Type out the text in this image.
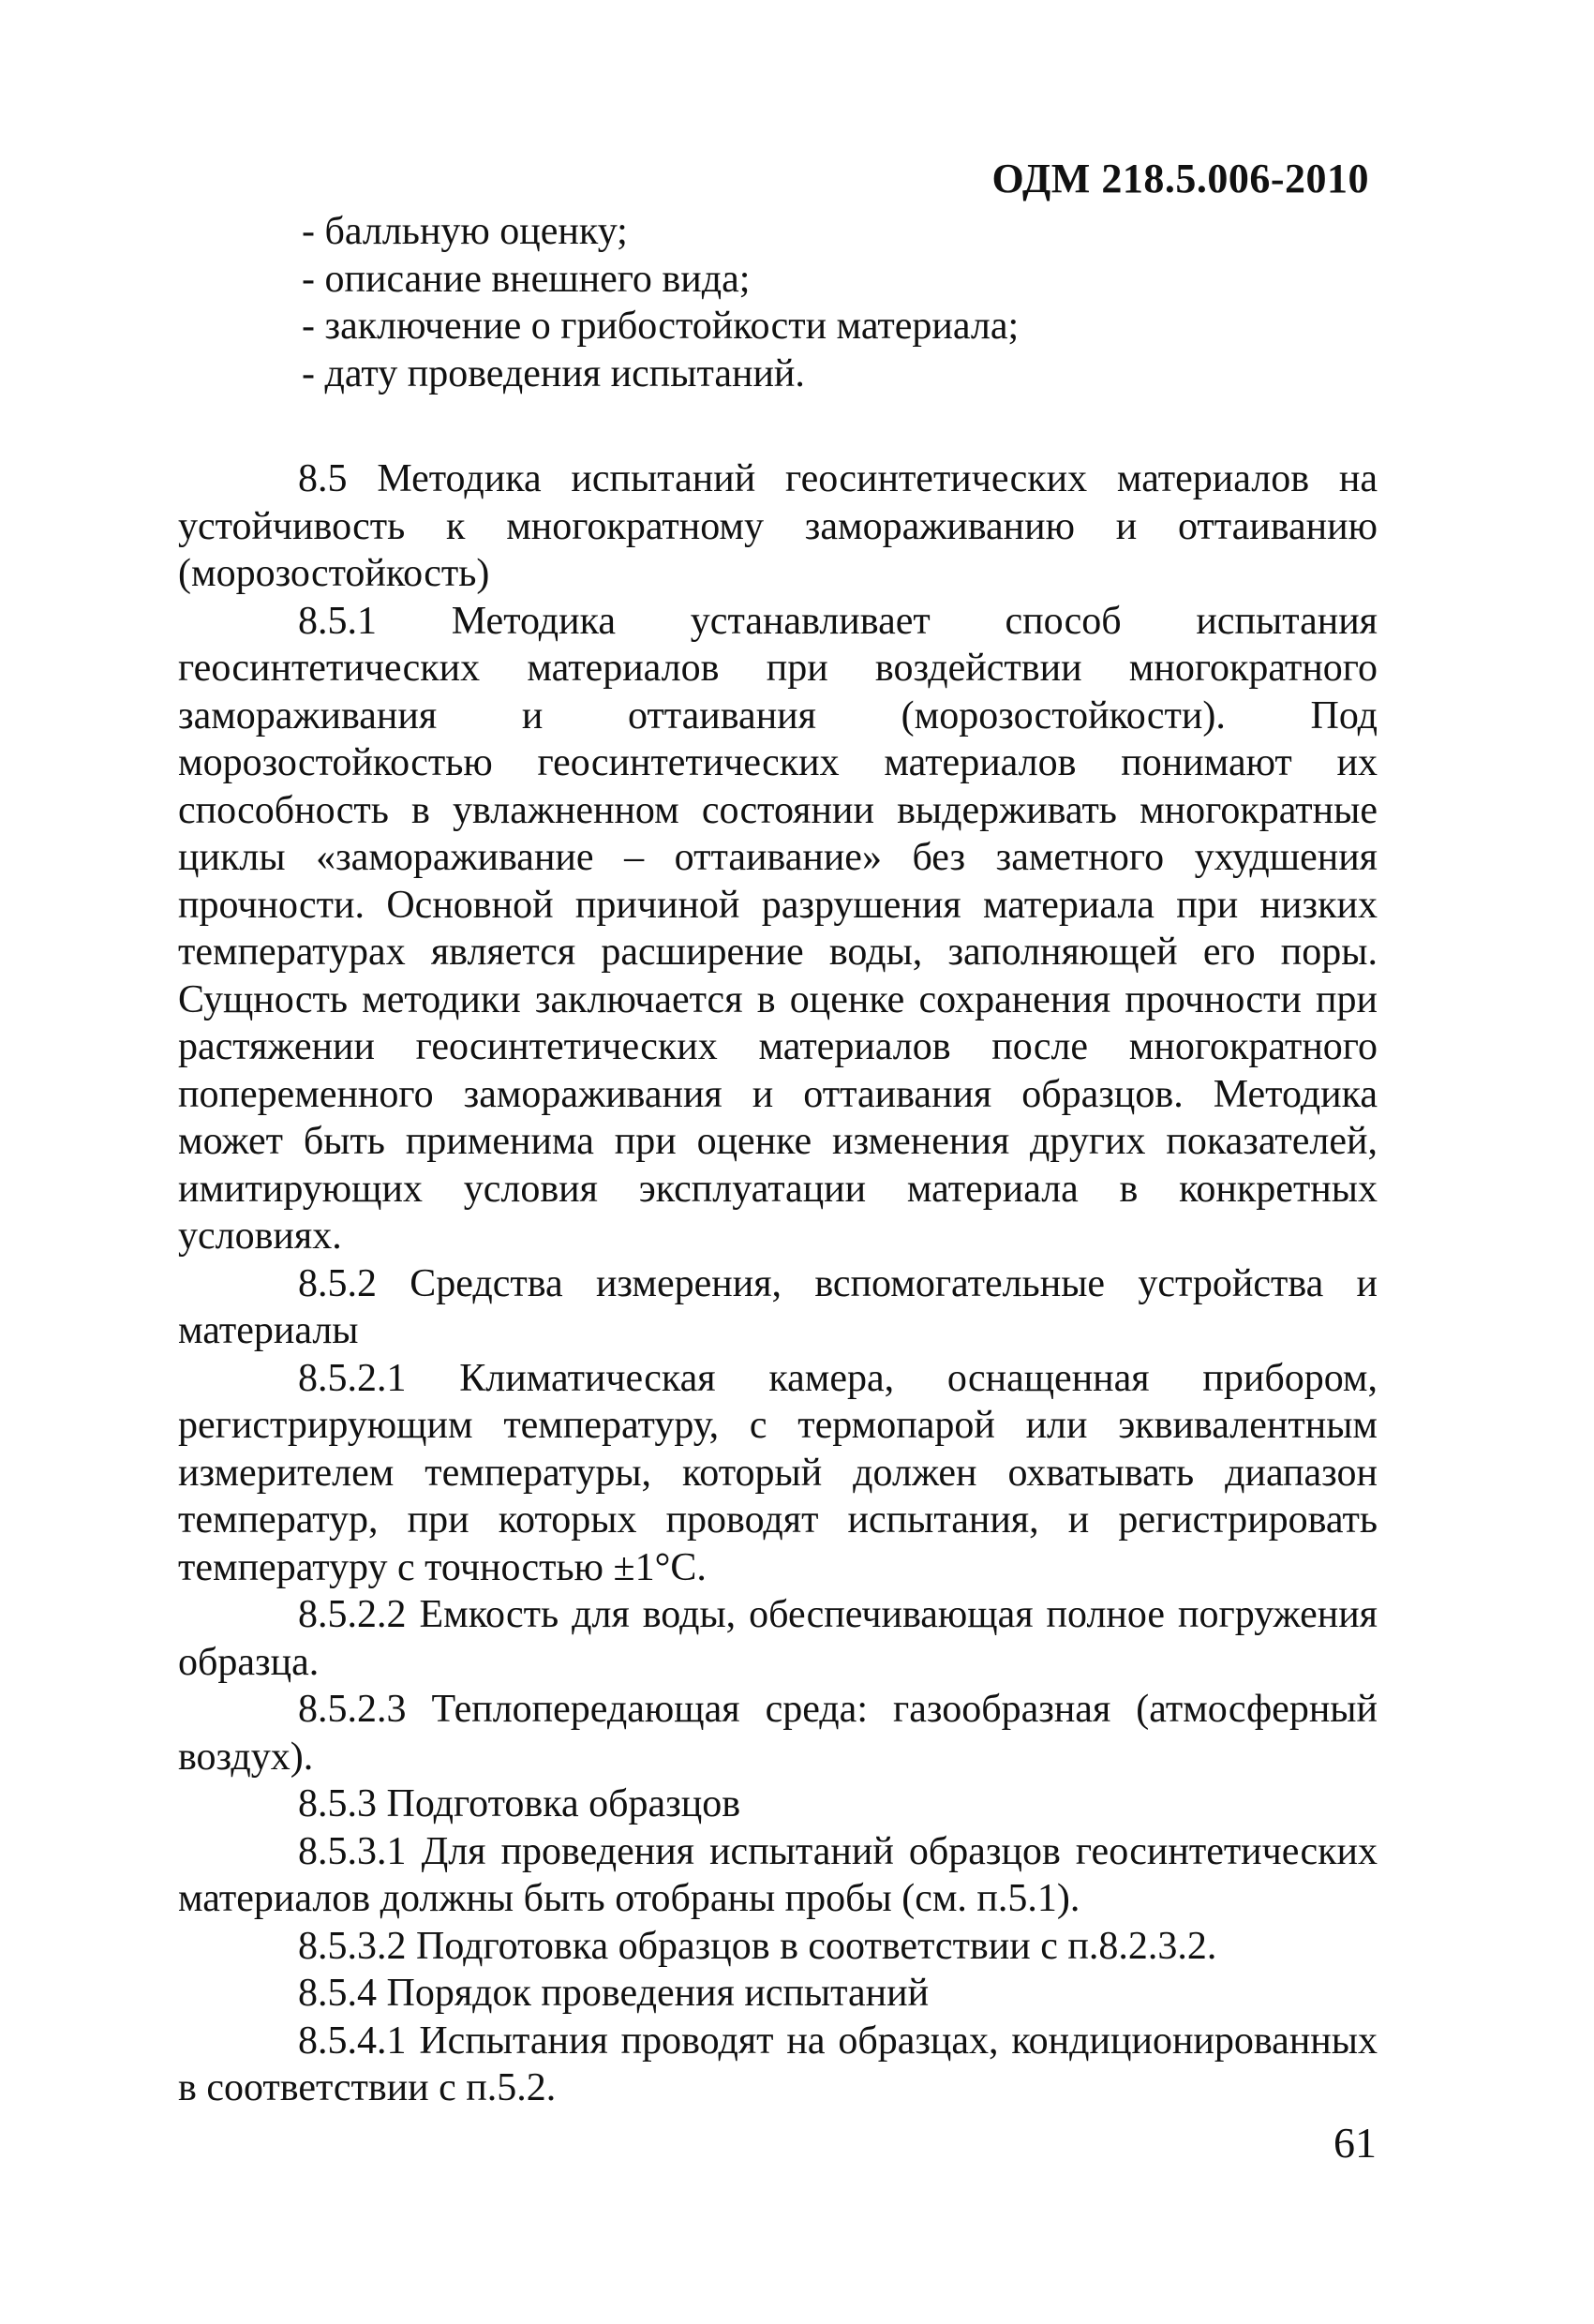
ОДМ 218.5.006-2010

- балльную оценку;

- описание внешнего вида;

- заключение о грибостойкости материала;

- дату проведения испытаний.

8.5 Методика испытаний геосинтетических материалов на устойчивость к многократному замораживанию и оттаиванию (морозостойкость)

8.5.1 Методика устанавливает способ испытания геосинтетических материалов при воздействии многократного замораживания и оттаивания (морозостойкости). Под морозостойкостью геосинтетических материалов понимают их способность в увлажненном состоянии выдерживать многократные циклы «замораживание – оттаивание» без заметного ухудшения прочности. Основной причиной разрушения материала при низких температурах является расширение воды, заполняющей его поры. Сущность методики заключается в оценке сохранения прочности при растяжении геосинтетических материалов после многократного попеременного замораживания и оттаивания образцов. Методика может быть применима при оценке изменения других показателей, имитирующих условия эксплуатации материала в конкретных условиях.

8.5.2 Средства измерения, вспомогательные устройства и материалы

8.5.2.1 Климатическая камера, оснащенная прибором, регистрирующим температуру, с термопарой или эквивалентным измерителем температуры, который должен охватывать диапазон температур, при которых проводят испытания, и регистрировать температуру с точностью ±1°С.

8.5.2.2 Емкость для воды, обеспечивающая полное погружения образца.

8.5.2.3 Теплопередающая среда: газообразная (атмосферный воздух).

8.5.3 Подготовка образцов

8.5.3.1 Для проведения испытаний образцов геосинтетических материалов должны быть отобраны пробы (см. п.5.1).

8.5.3.2 Подготовка образцов в соответствии с п.8.2.3.2.

8.5.4 Порядок проведения испытаний

8.5.4.1 Испытания проводят на образцах, кондиционированных в соответствии с п.5.2.

61
